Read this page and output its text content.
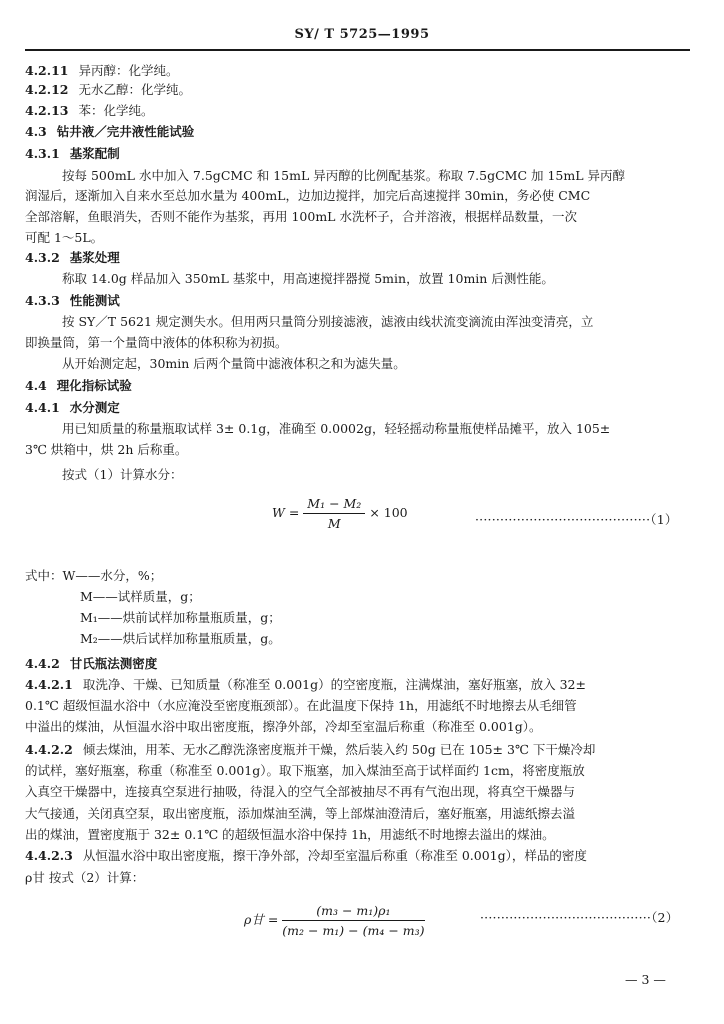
SY/ T 5725—1995
4.2.11 异丙醇：化学纯。
4.2.12 无水乙醇：化学纯。
4.2.13 苯：化学纯。
4.3 钻井液／完井液性能试验
4.3.1 基浆配制
按每 500mL 水中加入 7.5gCMC 和 15mL 异丙醇的比例配基浆。称取 7.5gCMC 加 15mL 异丙醇
润湿后，逐渐加入自来水至总加水量为 400mL，边加边搅拌，加完后高速搅拌 30min，务必使 CMC
全部溶解，鱼眼消失，否则不能作为基浆，再用 100mL 水洗杯子，合并溶液，根据样品数量，一次
可配 1～5L。
4.3.2 基浆处理
称取 14.0g 样品加入 350mL 基浆中，用高速搅拌器搅 5min，放置 10min 后测性能。
4.3.3 性能测试
按 SY／T 5621 规定测失水。但用两只量筒分别接滤液，滤液由线状流变滴流由浑浊变清亮，立
即换量筒，第一个量筒中液体的体积称为初损。
从开始测定起，30min 后两个量筒中滤液体积之和为滤失量。
4.4 理化指标试验
4.4.1 水分测定
用已知质量的称量瓶取试样 3± 0.1g，准确至 0.0002g，轻轻摇动称量瓶使样品摊平，放入 105±
3℃ 烘箱中，烘 2h 后称重。
按式（1）计算水分：
$W = \frac{\text{M₁ − M₂}}{M} \times 100$	··········································（1）
式中：W——水分，%；
M——试样质量，g；
M₁——烘前试样加称量瓶质量，g；
M₂——烘后试样加称量瓶质量，g。
4.4.2 甘氏瓶法测密度
4.4.2.1 取洗净、干燥、已知质量（称准至 0.001g）的空密度瓶，注满煤油，塞好瓶塞，放入 32±
0.1℃ 超级恒温水浴中（水应淹没至密度瓶颈部）。在此温度下保持 1h，用滤纸不时地擦去从毛细管
中溢出的煤油，从恒温水浴中取出密度瓶，擦净外部，冷却至室温后称重（称准至 0.001g）。
4.4.2.2 倾去煤油，用苯、无水乙醇洗涤密度瓶并干燥，然后装入约 50g 已在 105± 3℃ 下干燥冷却
的试样，塞好瓶塞，称重（称准至 0.001g）。取下瓶塞，加入煤油至高于试样面约 1cm，将密度瓶放
入真空干燥器中，连接真空泵进行抽吸，待混入的空气全部被抽尽不再有气泡出现，将真空干燥器与
大气接通，关闭真空泵，取出密度瓶，添加煤油至满，等上部煤油澄清后，塞好瓶塞，用滤纸擦去溢
出的煤油，置密度瓶于 32± 0.1℃ 的超级恒温水浴中保持 1h，用滤纸不时地擦去溢出的煤油。
4.4.2.3 从恒温水浴中取出密度瓶，擦干净外部，冷却至室温后称重（称准至 0.001g），样品的密度
ρ甘 按式（2）计算：
ρ甘 = $\frac{\text{(m₃ − m₁)ρ₁}}{\text{(m₂ − m₁) − (m₄ − m₃)}}$	·········································（2）
— 3 —
